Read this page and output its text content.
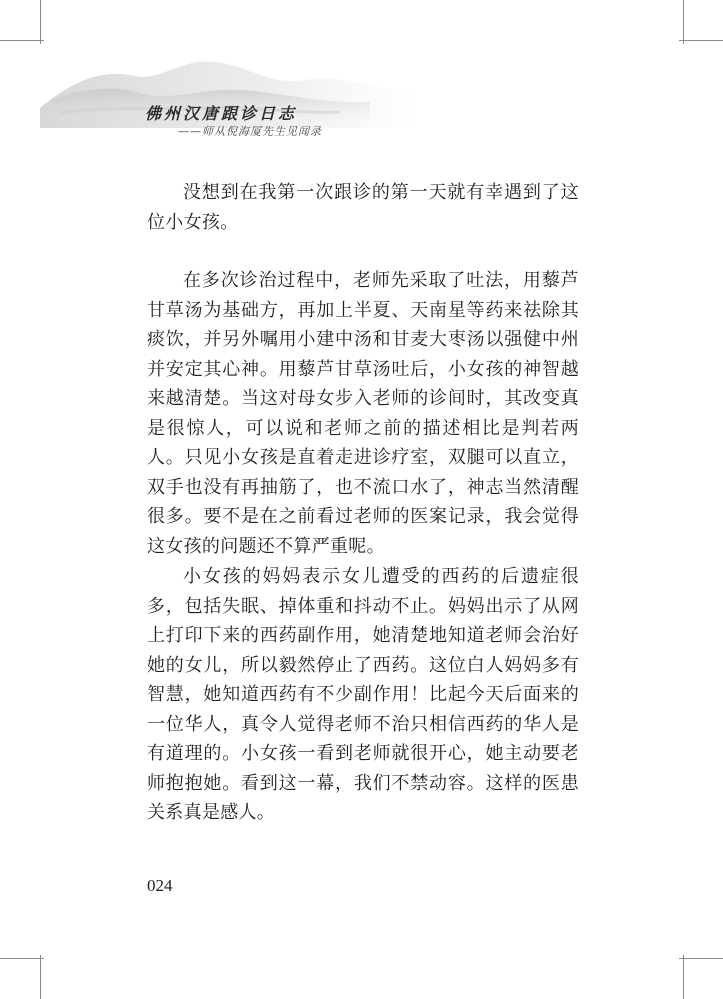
佛州汉唐跟诊日志
——师从倪海厦先生见闻录

没想到在我第一次跟诊的第一天就有幸遇到了这位小女孩。

在多次诊治过程中，老师先采取了吐法，用藜芦甘草汤为基础方，再加上半夏、天南星等药来祛除其痰饮，并另外嘱用小建中汤和甘麦大枣汤以强健中州并安定其心神。用藜芦甘草汤吐后，小女孩的神智越来越清楚。当这对母女步入老师的诊间时，其改变真是很惊人，可以说和老师之前的描述相比是判若两人。只见小女孩是直着走进诊疗室，双腿可以直立，双手也没有再抽筋了，也不流口水了，神志当然清醒很多。要不是在之前看过老师的医案记录，我会觉得这女孩的问题还不算严重呢。

小女孩的妈妈表示女儿遭受的西药的后遗症很多，包括失眠、掉体重和抖动不止。妈妈出示了从网上打印下来的西药副作用，她清楚地知道老师会治好她的女儿，所以毅然停止了西药。这位白人妈妈多有智慧，她知道西药有不少副作用！比起今天后面来的一位华人，真令人觉得老师不治只相信西药的华人是有道理的。小女孩一看到老师就很开心，她主动要老师抱抱她。看到这一幕，我们不禁动容。这样的医患关系真是感人。

024
